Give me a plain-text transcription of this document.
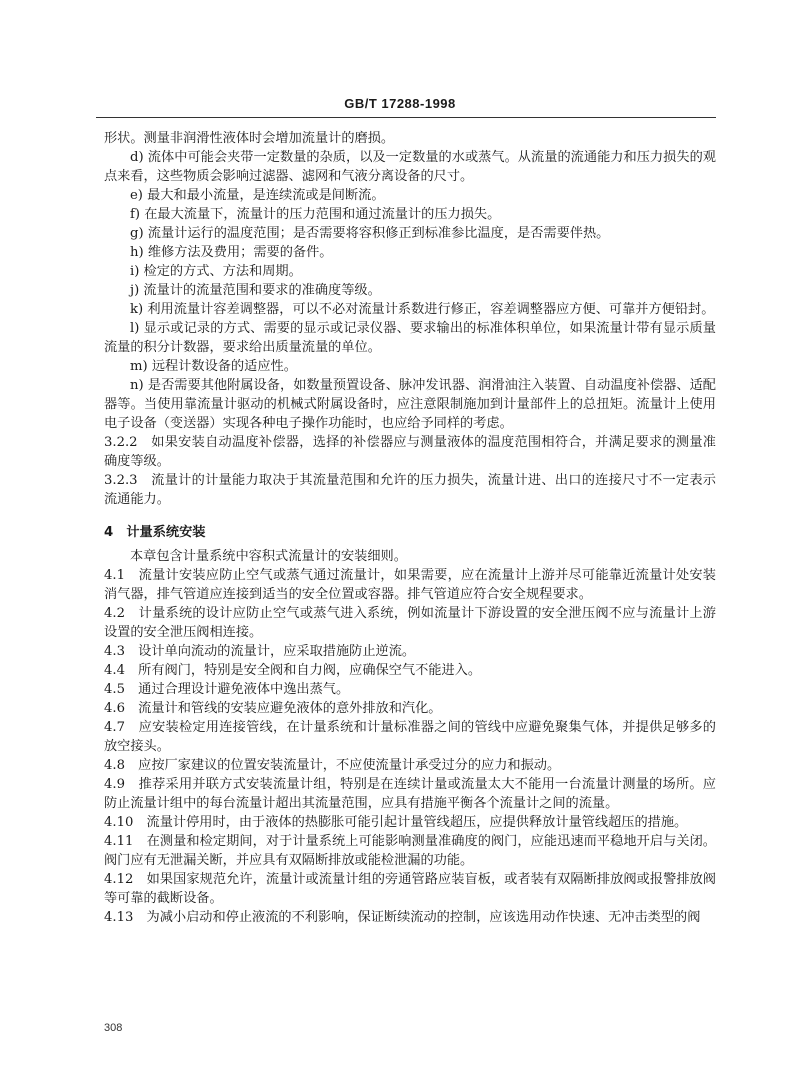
GB/T 17288-1998

形状。测量非润滑性液体时会增加流量计的磨损。

d) 流体中可能会夹带一定数量的杂质，以及一定数量的水或蒸气。从流量的流通能力和压力损失的观点来看，这些物质会影响过滤器、滤网和气液分离设备的尺寸。

e) 最大和最小流量，是连续流或是间断流。

f) 在最大流量下，流量计的压力范围和通过流量计的压力损失。

g) 流量计运行的温度范围；是否需要将容积修正到标准参比温度，是否需要伴热。

h) 维修方法及费用；需要的备件。

i) 检定的方式、方法和周期。

j) 流量计的流量范围和要求的准确度等级。

k) 利用流量计容差调整器，可以不必对流量计系数进行修正，容差调整器应方便、可靠并方便铅封。

l) 显示或记录的方式、需要的显示或记录仪器、要求输出的标准体积单位，如果流量计带有显示质量流量的积分计数器，要求给出质量流量的单位。

m) 远程计数设备的适应性。

n) 是否需要其他附属设备，如数量预置设备、脉冲发讯器、润滑油注入装置、自动温度补偿器、适配器等。当使用靠流量计驱动的机械式附属设备时，应注意限制施加到计量部件上的总扭矩。流量计上使用电子设备（变送器）实现各种电子操作功能时，也应给予同样的考虑。

3.2.2　如果安装自动温度补偿器，选择的补偿器应与测量液体的温度范围相符合，并满足要求的测量准确度等级。

3.2.3　流量计的计量能力取决于其流量范围和允许的压力损失，流量计进、出口的连接尺寸不一定表示流通能力。

4　计量系统安装

本章包含计量系统中容积式流量计的安装细则。

4.1　流量计安装应防止空气或蒸气通过流量计，如果需要，应在流量计上游并尽可能靠近流量计处安装消气器，排气管道应连接到适当的安全位置或容器。排气管道应符合安全规程要求。

4.2　计量系统的设计应防止空气或蒸气进入系统，例如流量计下游设置的安全泄压阀不应与流量计上游设置的安全泄压阀相连接。

4.3　设计单向流动的流量计，应采取措施防止逆流。

4.4　所有阀门，特别是安全阀和自力阀，应确保空气不能进入。

4.5　通过合理设计避免液体中逸出蒸气。

4.6　流量计和管线的安装应避免液体的意外排放和汽化。

4.7　应安装检定用连接管线，在计量系统和计量标准器之间的管线中应避免聚集气体，并提供足够多的放空接头。

4.8　应按厂家建议的位置安装流量计，不应使流量计承受过分的应力和振动。

4.9　推荐采用并联方式安装流量计组，特别是在连续计量或流量太大不能用一台流量计测量的场所。应防止流量计组中的每台流量计超出其流量范围，应具有措施平衡各个流量计之间的流量。

4.10　流量计停用时，由于液体的热膨胀可能引起计量管线超压，应提供释放计量管线超压的措施。

4.11　在测量和检定期间，对于计量系统上可能影响测量准确度的阀门，应能迅速而平稳地开启与关闭。阀门应有无泄漏关断，并应具有双隔断排放或能检泄漏的功能。

4.12　如果国家规范允许，流量计或流量计组的旁通管路应装盲板，或者装有双隔断排放阀或报警排放阀等可靠的截断设备。

4.13　为减小启动和停止液流的不利影响，保证断续流动的控制，应该选用动作快速、无冲击类型的阀

308
